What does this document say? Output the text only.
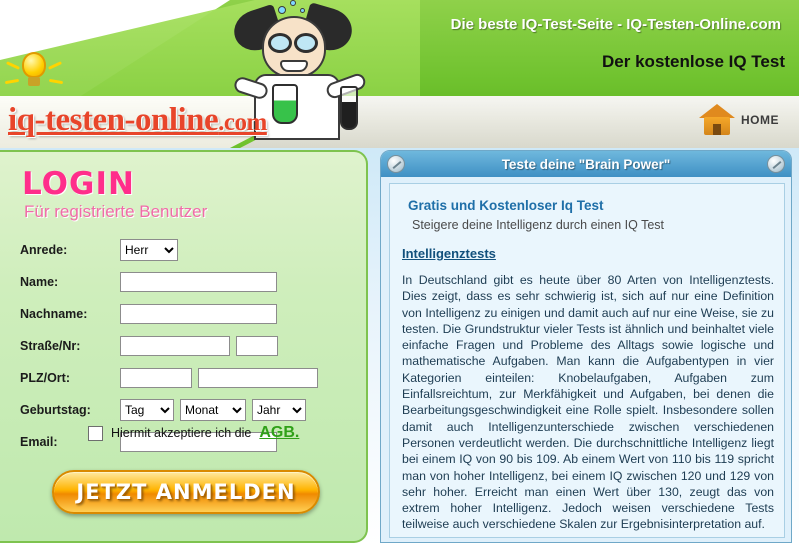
Die beste IQ-Test-Seite - IQ-Testen-Online.com
Der kostenlose IQ Test
iq-testen-online.com	HOME
LOGIN
Für registrierte Benutzer
Anrede:
Herr
Name:
Nachname:
Straße/Nr:
PLZ/Ort:
Geburtstag:
Tag
Monat
Jahr
Email:
Hiermit akzeptiere ich die AGB.
JETZT ANMELDEN
Teste deine "Brain Power"
Gratis und Kostenloser Iq Test
Steigere deine Intelligenz durch einen IQ Test
Intelligenztests
In Deutschland gibt es heute über 80 Arten von Intelligenztests. Dies zeigt, dass es sehr schwierig ist, sich auf nur eine Definition von Intelligenz zu einigen und damit auch auf nur eine Weise, sie zu testen. Die Grundstruktur vieler Tests ist ähnlich und beinhaltet viele einfache Fragen und Probleme des Alltags sowie logische und mathematische Aufgaben. Man kann die Aufgabentypen in vier Kategorien einteilen: Knobelaufgaben, Aufgaben zum Einfallsreichtum, zur Merkfähigkeit und Aufgaben, bei denen die Bearbeitungsgeschwindigkeit eine Rolle spielt. Insbesondere sollen damit auch Intelligenzunterschiede zwischen verschiedenen Personen verdeutlicht werden. Die durchschnittliche Intelligenz liegt bei einem IQ von 90 bis 109. Ab einem Wert von 110 bis 119 spricht man von hoher Intelligenz, bei einem IQ zwischen 120 und 129 von sehr hoher. Erreicht man einen Wert über 130, zeugt das von extrem hoher Intelligenz. Jedoch weisen verschiedene Tests teilweise auch verschiedene Skalen zur Ergebnisinterpretation auf.
